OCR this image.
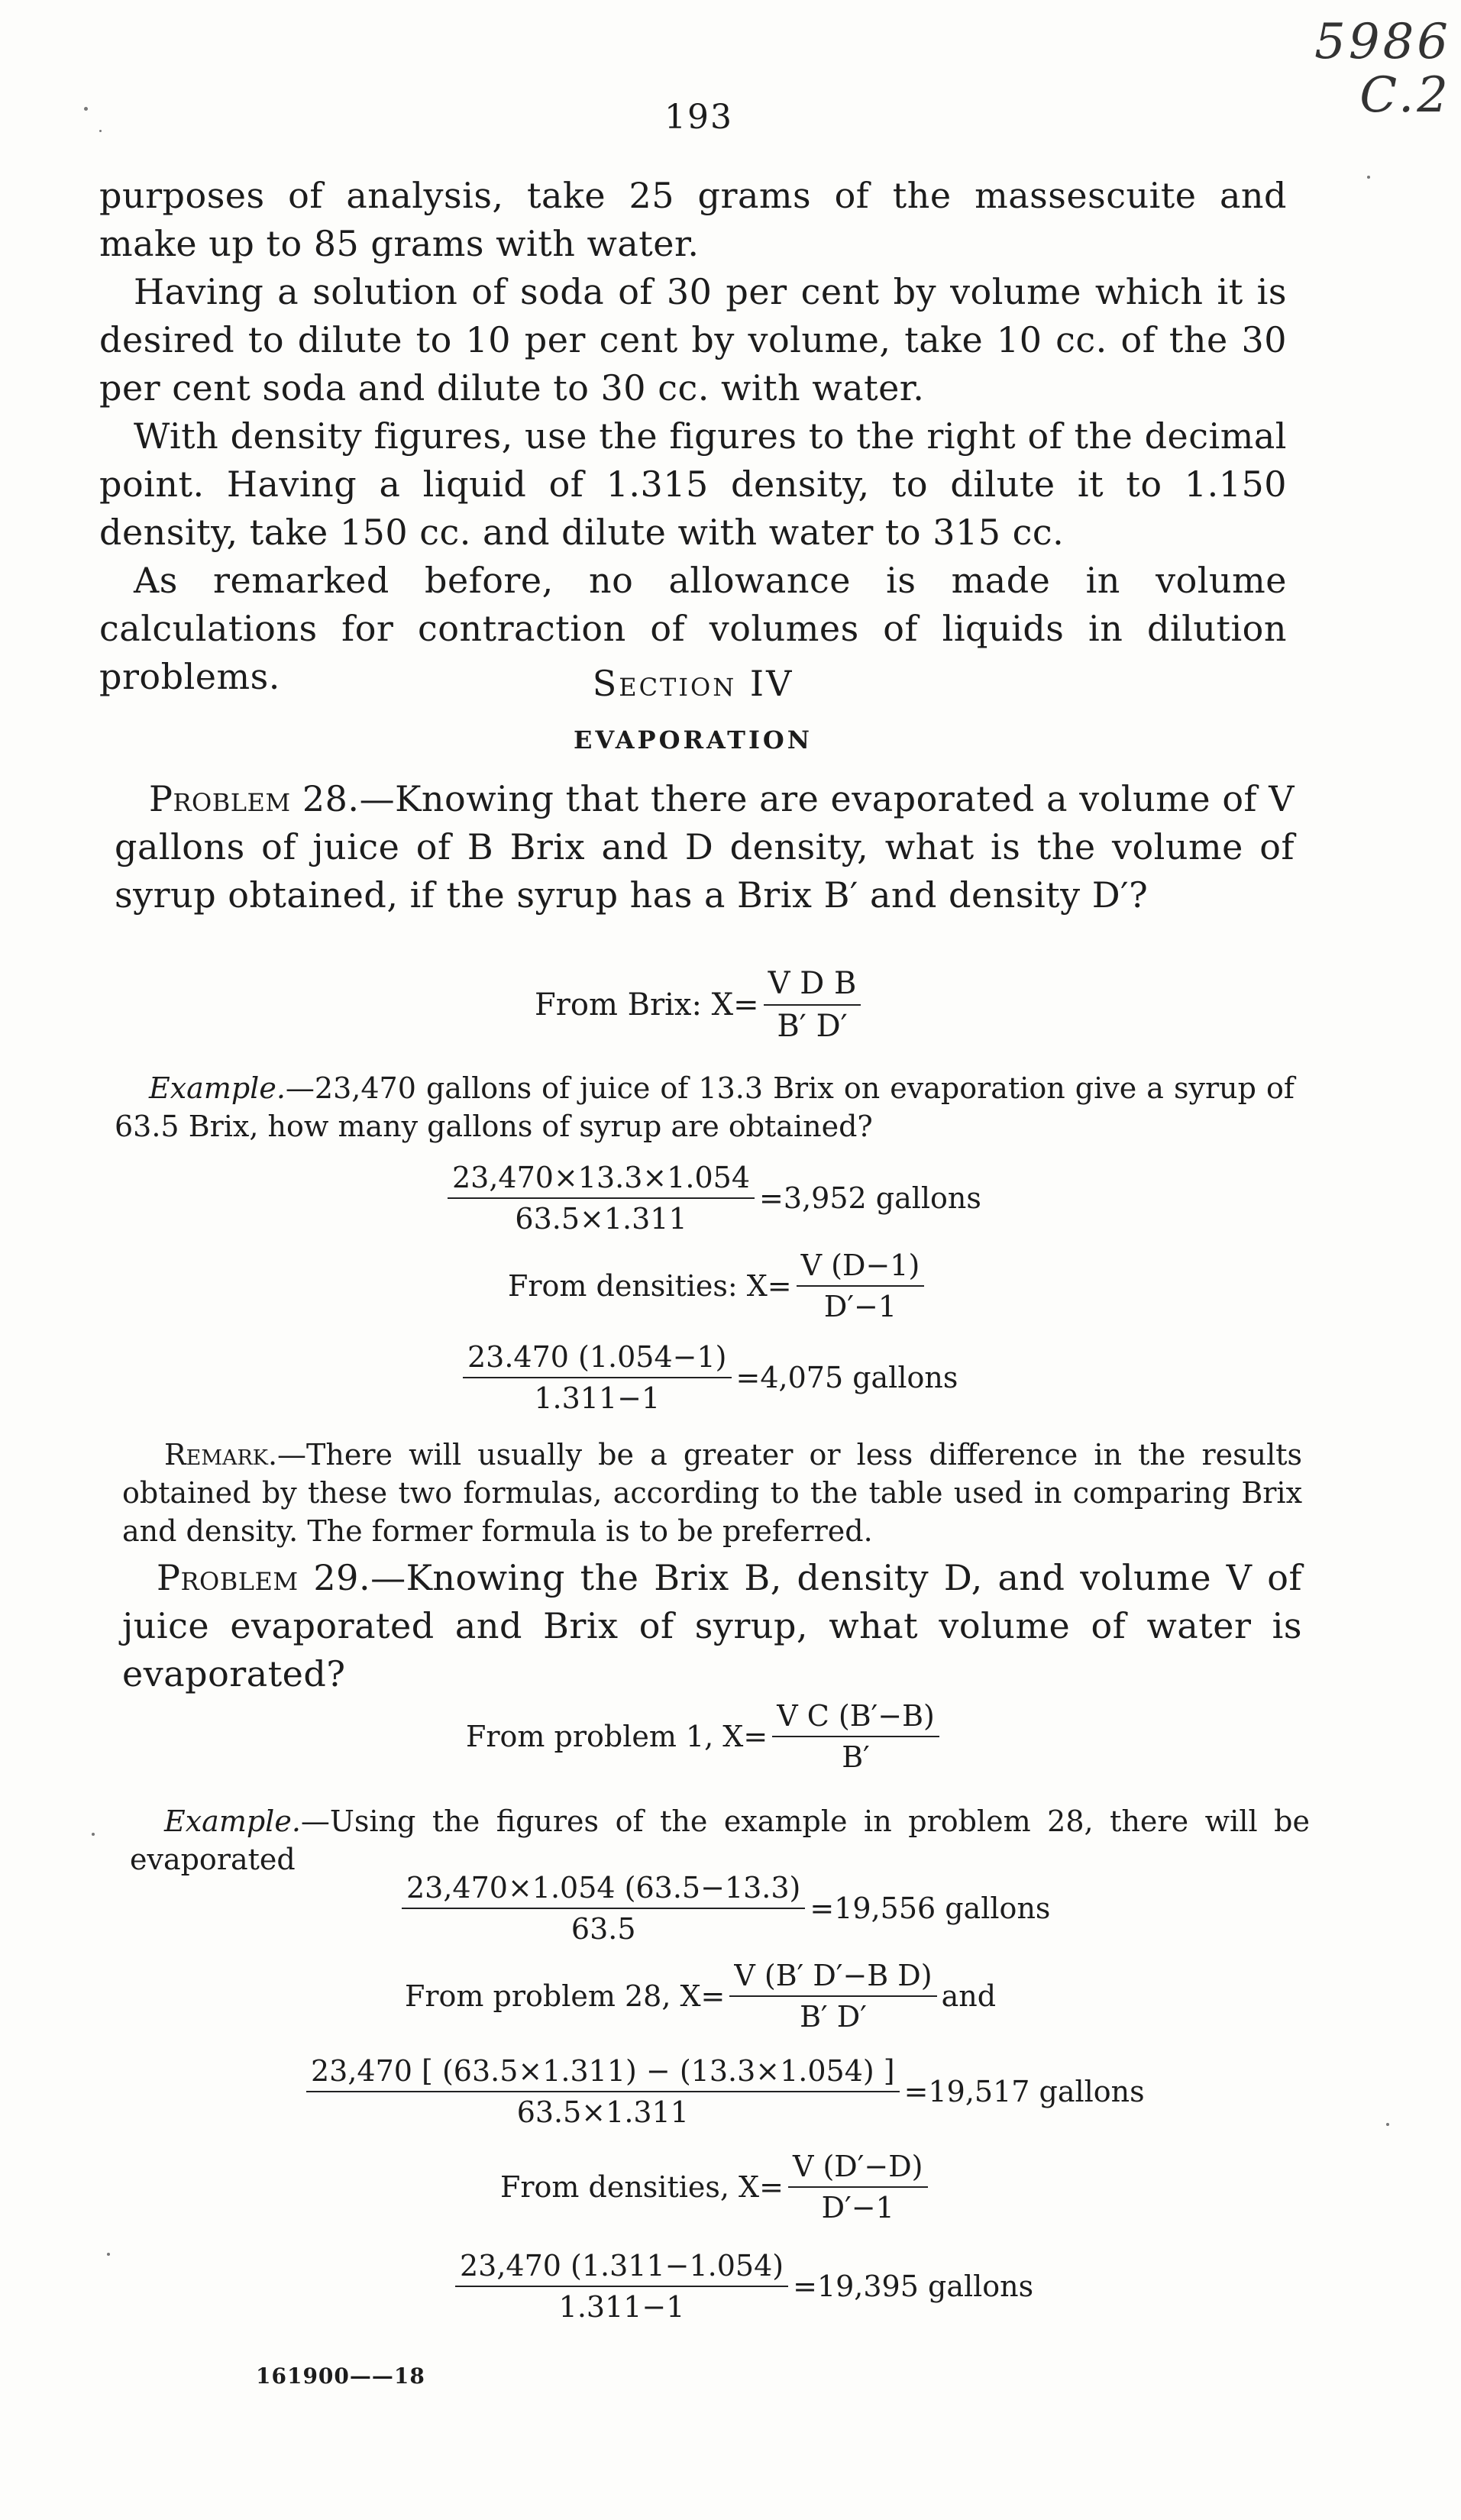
5986
C.2
193

purposes of analysis, take 25 grams of the massescuite and make up to 85 grams with water.

Having a solution of soda of 30 per cent by volume which it is desired to dilute to 10 per cent by volume, take 10 cc. of the 30 per cent soda and dilute to 30 cc. with water.

With density figures, use the figures to the right of the decimal point. Having a liquid of 1.315 density, to dilute it to 1.150 density, take 150 cc. and dilute with water to 315 cc.

As remarked before, no allowance is made in volume calculations for contraction of volumes of liquids in dilution problems.	Section IV
EVAPORATION

Problem 28.—Knowing that there are evaporated a volume of V gallons of juice of B Brix and D density, what is the volume of syrup obtained, if the syrup has a Brix B′ and density D′?

From Brix: $X= \frac{\text{V D B}}{B' D'}$
Example.—23,470 gallons of juice of 13.3 Brix on evaporation give a syrup of 63.5 Brix, how many gallons of syrup are obtained?
$\frac{23,470\times 13.3\times 1.054}{63.5\times 1.311} =3,952$ gallons
From densities: $X= \frac{V (D-1)}{D'-1}$
$\frac{23.470 (1.054-1)}{1.311-1} =4,075$ gallons
Remark.—There will usually be a greater or less difference in the results obtained by these two formulas, according to the table used in comparing Brix and density. The former formula is to be preferred.

Problem 29.—Knowing the Brix B, density D, and volume V of juice evaporated and Brix of syrup, what volume of water is evaporated?

From problem 1, $X= \frac{\text{V C (B′−B)}}{B'}$
Example.—Using the figures of the example in problem 28, there will be evaporated
$\frac{23,470\times 1.054 (63.5-13.3)}{63.5} =19,556$ gallons
From problem 28, $X= \frac{\text{V (B′ D′−B D)}}{B' D'}$ and
$\frac{23,470 [ (63.5\times 1.311) - (13.3\times 1.054) ]}{63.5\times 1.311} =19,517$ gallons
From densities, $X= \frac{V (D'-D)}{D'-1}$
$\frac{23,470 (1.311-1.054)}{1.311-1} =19,395$ gallons
161900——18
